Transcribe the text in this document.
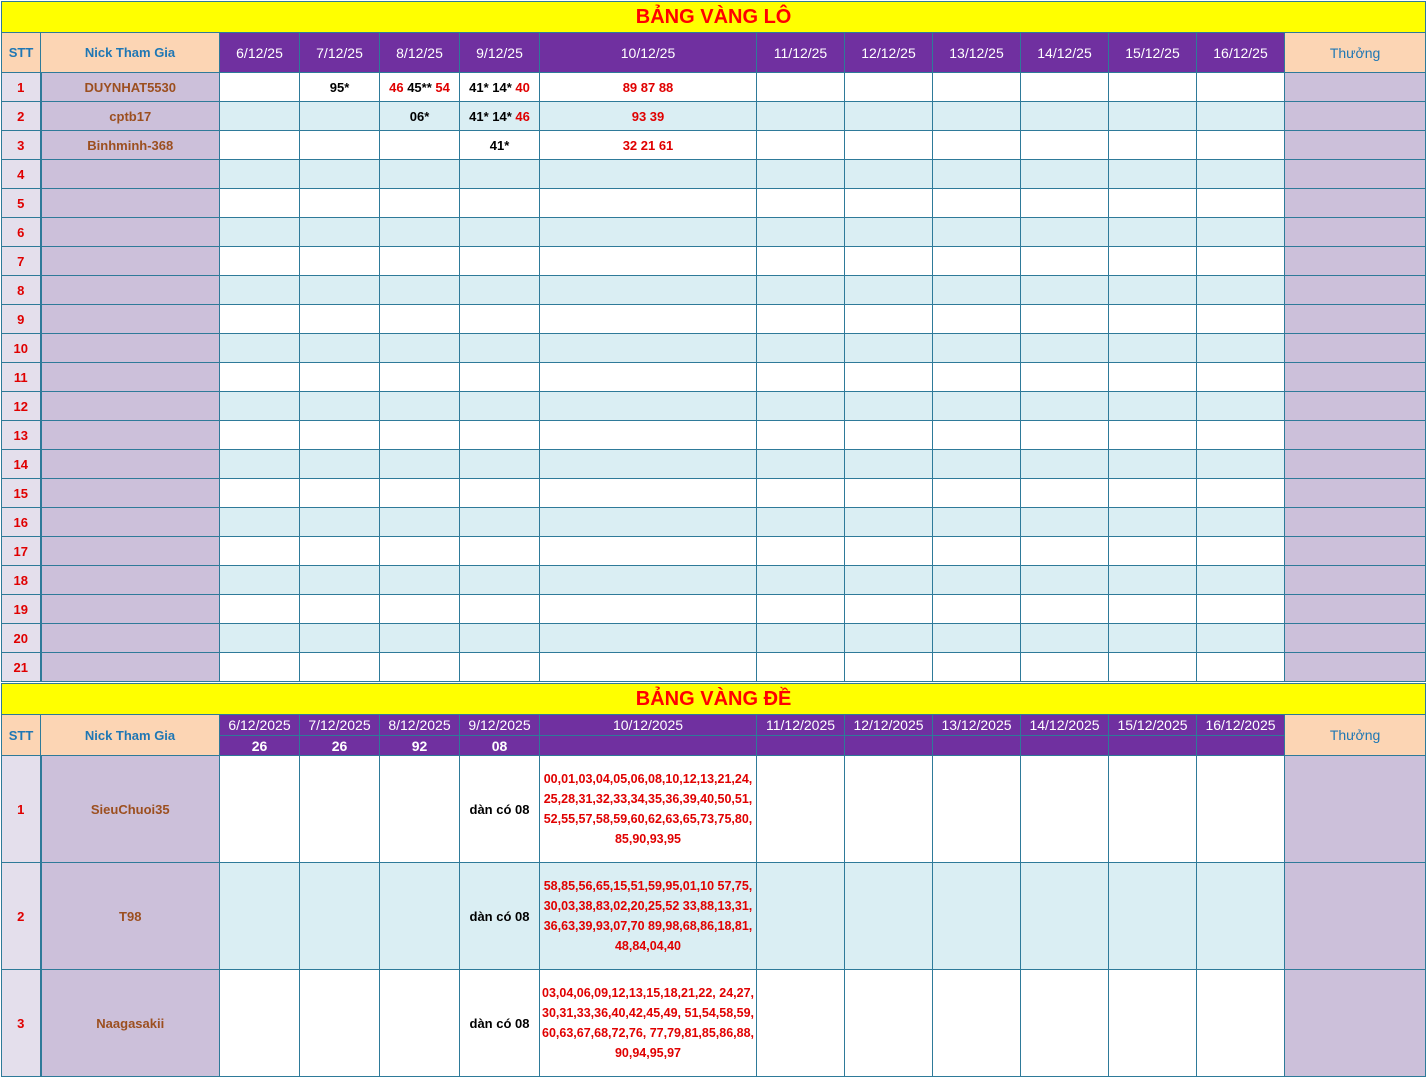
BẢNG VÀNG LÔ													
STT	Nick Tham Gia	6/12/25	7/12/25	8/12/25	9/12/25	10/12/25	11/12/25	12/12/25	13/12/25	14/12/25	15/12/25	16/12/25	Thưởng
1	DUYNHAT5530		95*	46 45** 54	41* 14* 40	89 87 88							
2	cptb17			06*	41* 14* 46	93 39							
3	Binhminh-368				41*	32 21 61							
4													
5													
6													
7													
8													
9													
10													
11													
12													
13													
14													
15													
16													
17													
18													
19													
20													
21													
BẢNG VÀNG ĐỀ													
STT	Nick Tham Gia	6/12/2025	7/12/2025	8/12/2025	9/12/2025	10/12/2025	11/12/2025	12/12/2025	13/12/2025	14/12/2025	15/12/2025	16/12/2025	Thưởng
		26	26	92	08								
1	SieuChuoi35				dàn có 08	00,01,03,04,05,06,08,10,12,13,21,24,25,28,31,32,33,34,35,36,39,40,50,51,52,55,57,58,59,60,62,63,65,73,75,80,85,90,93,95							
2	T98				dàn có 08	58,85,56,65,15,51,59,95,01,10 57,75,30,03,38,83,02,20,25,52 33,88,13,31,36,63,39,93,07,70 89,98,68,86,18,81,48,84,04,40							
3	Naagasakii				dàn có 08	03,04,06,09,12,13,15,18,21,22, 24,27,30,31,33,36,40,42,45,49, 51,54,58,59,60,63,67,68,72,76, 77,79,81,85,86,88,90,94,95,97							
